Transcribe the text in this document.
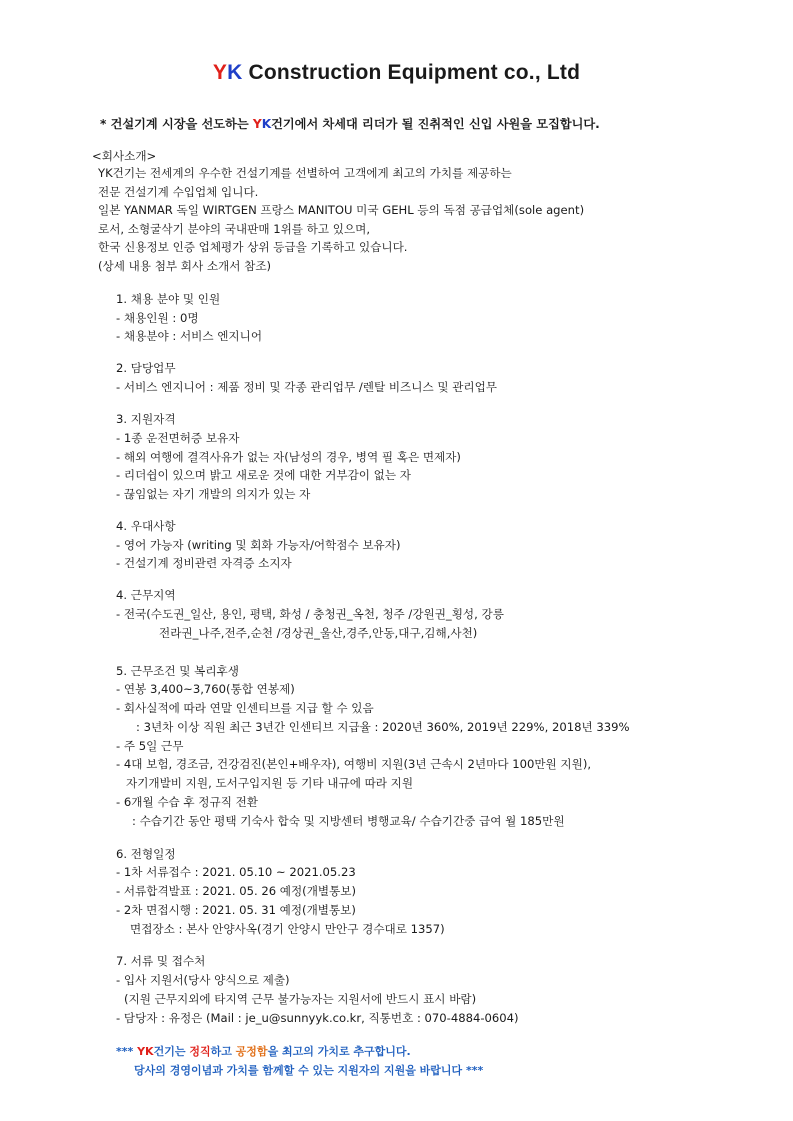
YK Construction Equipment co., Ltd
* 건설기계 시장을 선도하는 YK건기에서 차세대 리더가 될 진취적인 신입 사원을 모집합니다.
<회사소개>
YK건기는 전세계의 우수한 건설기계를 선별하여 고객에게 최고의 가치를 제공하는
전문 건설기계 수입업체 입니다.
일본 YANMAR 독일 WIRTGEN 프랑스 MANITOU 미국 GEHL 등의 독점 공급업체(sole agent)
로서, 소형굴삭기 분야의 국내판매 1위를 하고 있으며,
한국 신용정보 인증 업체평가 상위 등급을 기록하고 있습니다.
(상세 내용 첨부 회사 소개서 참조)
1. 채용 분야 및 인원
- 채용인원 : 0명
- 채용분야 : 서비스 엔지니어
2. 담당업무
- 서비스 엔지니어 : 제품 정비 및 각종 관리업무 /렌탈 비즈니스 및 관리업무
3. 지원자격
- 1종 운전면허증 보유자
- 해외 여행에 결격사유가 없는 자(남성의 경우, 병역 필 혹은 면제자)
- 리더쉽이 있으며 밝고 새로운 것에 대한 거부감이 없는 자
- 끊임없는 자기 개발의 의지가 있는 자
4. 우대사항
- 영어 가능자 (writing 및 회화 가능자/어학점수 보유자)
- 건설기계 정비관련 자격증 소지자
4. 근무지역
- 전국(수도권_일산, 용인, 평택, 화성 / 충청권_옥천, 청주 /강원권_횡성, 강릉
전라권_나주,전주,순천 /경상권_울산,경주,안동,대구,김해,사천)
5. 근무조건 및 복리후생
- 연봉 3,400~3,760(통합 연봉제)
- 회사실적에 따라 연말 인센티브를 지급 할 수 있음
: 3년차 이상 직원 최근 3년간 인센티브 지급율 : 2020년 360%, 2019년 229%, 2018년 339%
- 주 5일 근무
- 4대 보험, 경조금, 건강검진(본인+배우자), 여행비 지원(3년 근속시 2년마다 100만원 지원),
자기개발비 지원, 도서구입지원 등 기타 내규에 따라 지원
- 6개월 수습 후 정규직 전환
: 수습기간 동안 평택 기숙사 합숙 및 지방센터 병행교육/ 수습기간중 급여 월 185만원
6. 전형일정
- 1차 서류접수 : 2021. 05.10 ~ 2021.05.23
- 서류합격발표 : 2021. 05. 26 예정(개별통보)
- 2차 면접시행 : 2021. 05. 31 예정(개별통보)
면접장소 : 본사 안양사옥(경기 안양시 만안구 경수대로 1357)
7. 서류 및 접수처
- 입사 지원서(당사 양식으로 제출)
(지원 근무지외에 타지역 근무 불가능자는 지원서에 반드시 표시 바람)
- 담당자 : 유정은 (Mail : je_u@sunnyyk.co.kr, 직통번호 : 070-4884-0604)
*** YK건기는 정직하고 공정함을 최고의 가치로 추구합니다.
당사의 경영이념과 가치를 함께할 수 있는 지원자의 지원을 바랍니다 ***
